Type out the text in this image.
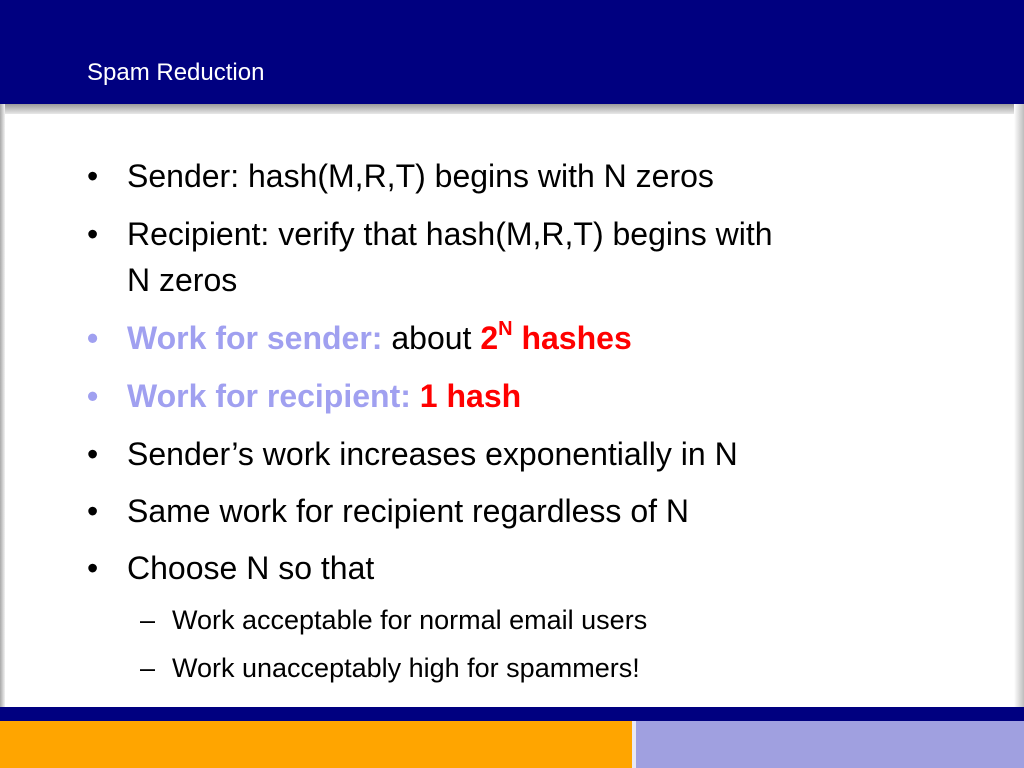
Spam Reduction
• Sender: hash(M,R,T) begins with N zeros
• Recipient: verify that hash(M,R,T) begins with
N zeros
• Work for sender: about $2^N$ hashes
• Work for recipient: 1 hash
• Sender’s work increases exponentially in N
• Same work for recipient regardless of N
• Choose N so that
– Work acceptable for normal email users
– Work unacceptably high for spammers!
